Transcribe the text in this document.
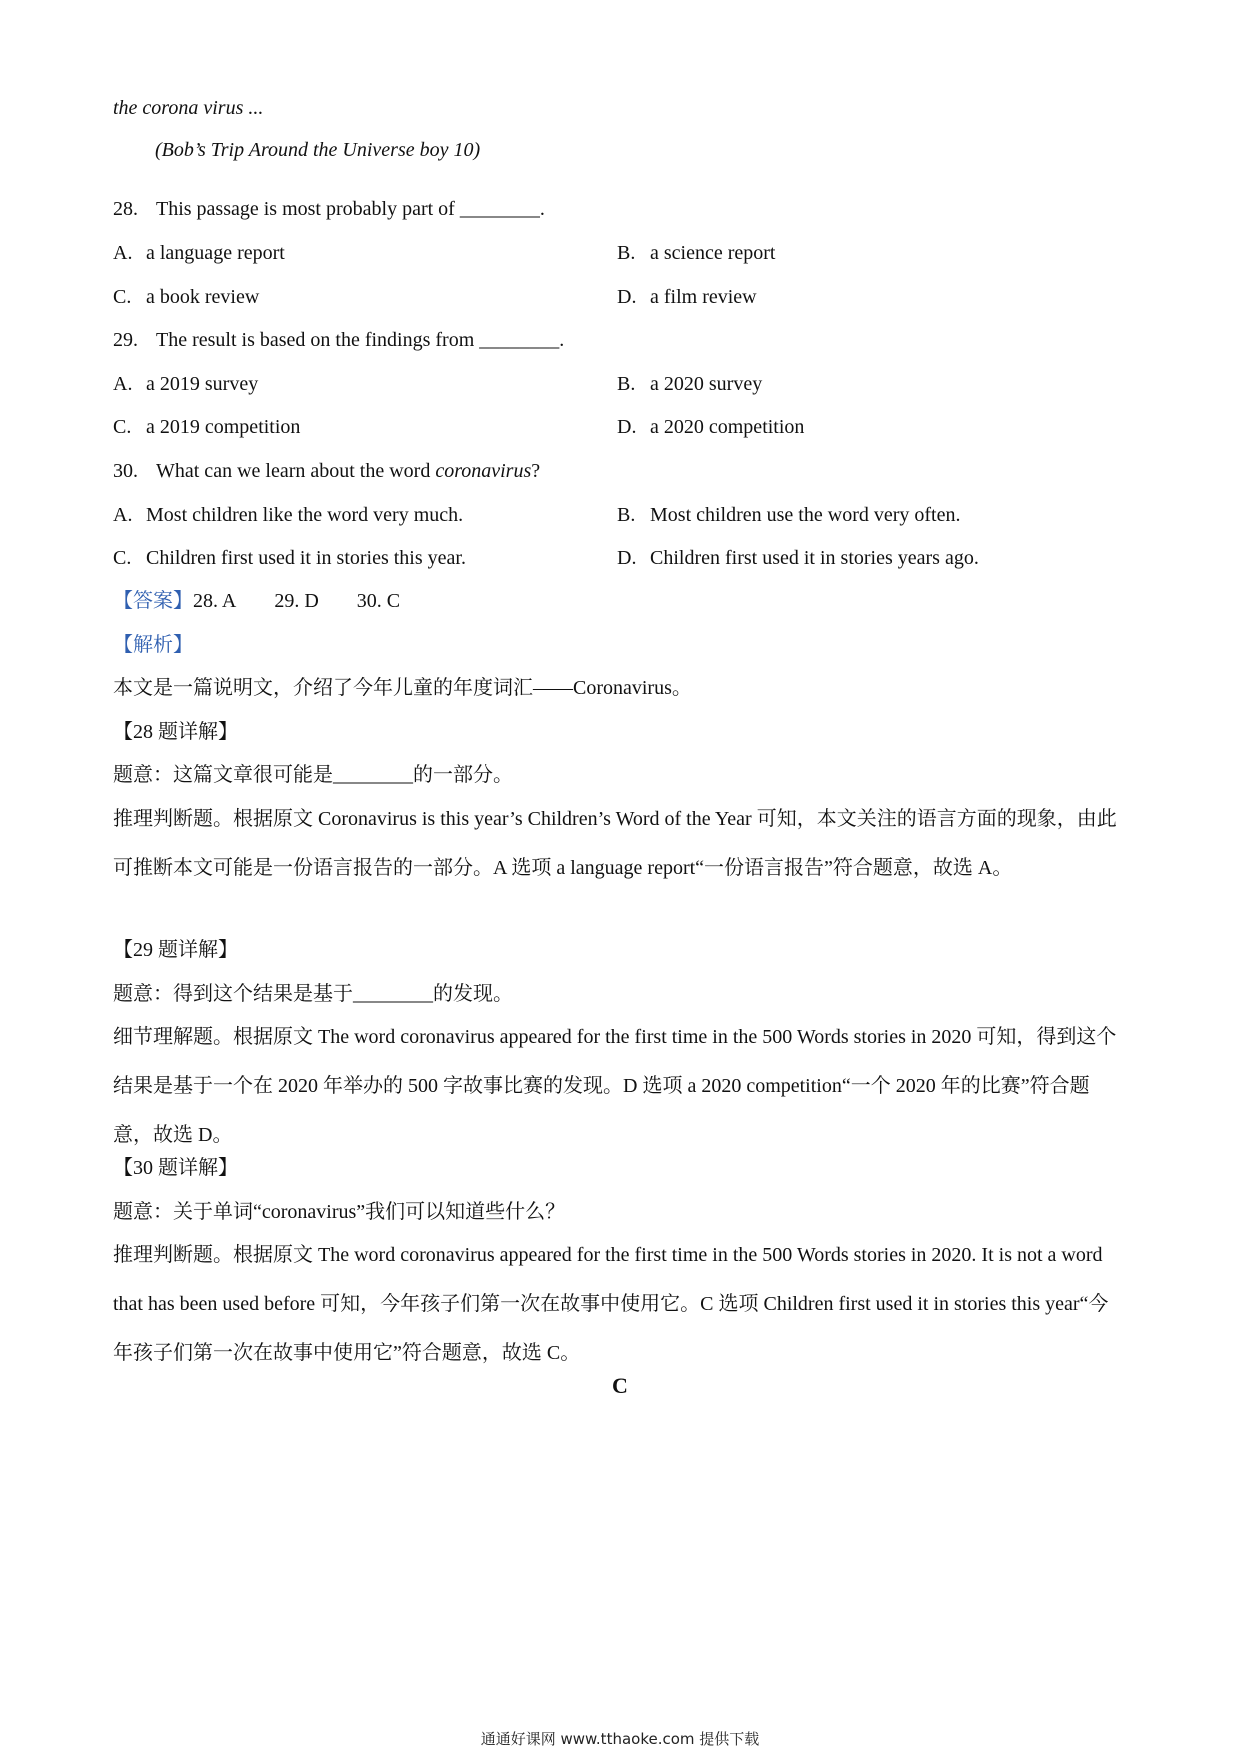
the corona virus ...
(Bob’s Trip Around the Universe boy 10)
28. This passage is most probably part of ________.
A. a language report	B. a science report
C. a book review	D. a film review
29. The result is based on the findings from ________.
A. a 2019 survey	B. a 2020 survey
C. a 2019 competition	D. a 2020 competition
30. What can we learn about the word coronavirus?
A. Most children like the word very much.	B. Most children use the word very often.
C. Children first used it in stories this year.	D. Children first used it in stories years ago.
【答案】28. A 29. D 30. C
【解析】
本文是一篇说明文，介绍了今年儿童的年度词汇——Coronavirus。
【28 题详解】
题意：这篇文章很可能是________的一部分。
推理判断题。根据原文 Coronavirus is this year’s Children’s Word of the Year 可知，本文关注的语言方面的现象，由此可推断本文可能是一份语言报告的一部分。A 选项 a language report“一份语言报告”符合题意，故选 A。
【29 题详解】
题意：得到这个结果是基于________的发现。
细节理解题。根据原文 The word coronavirus appeared for the first time in the 500 Words stories in 2020 可知，得到这个结果是基于一个在 2020 年举办的 500 字故事比赛的发现。D 选项 a 2020 competition“一个 2020 年的比赛”符合题意，故选 D。
【30 题详解】
题意：关于单词“coronavirus”我们可以知道些什么？
推理判断题。根据原文 The word coronavirus appeared for the first time in the 500 Words stories in 2020. It is not a word that has been used before 可知，今年孩子们第一次在故事中使用它。C 选项 Children first used it in stories this year“今年孩子们第一次在故事中使用它”符合题意，故选 C。
C
通通好课网 www.tthaoke.com 提供下载
